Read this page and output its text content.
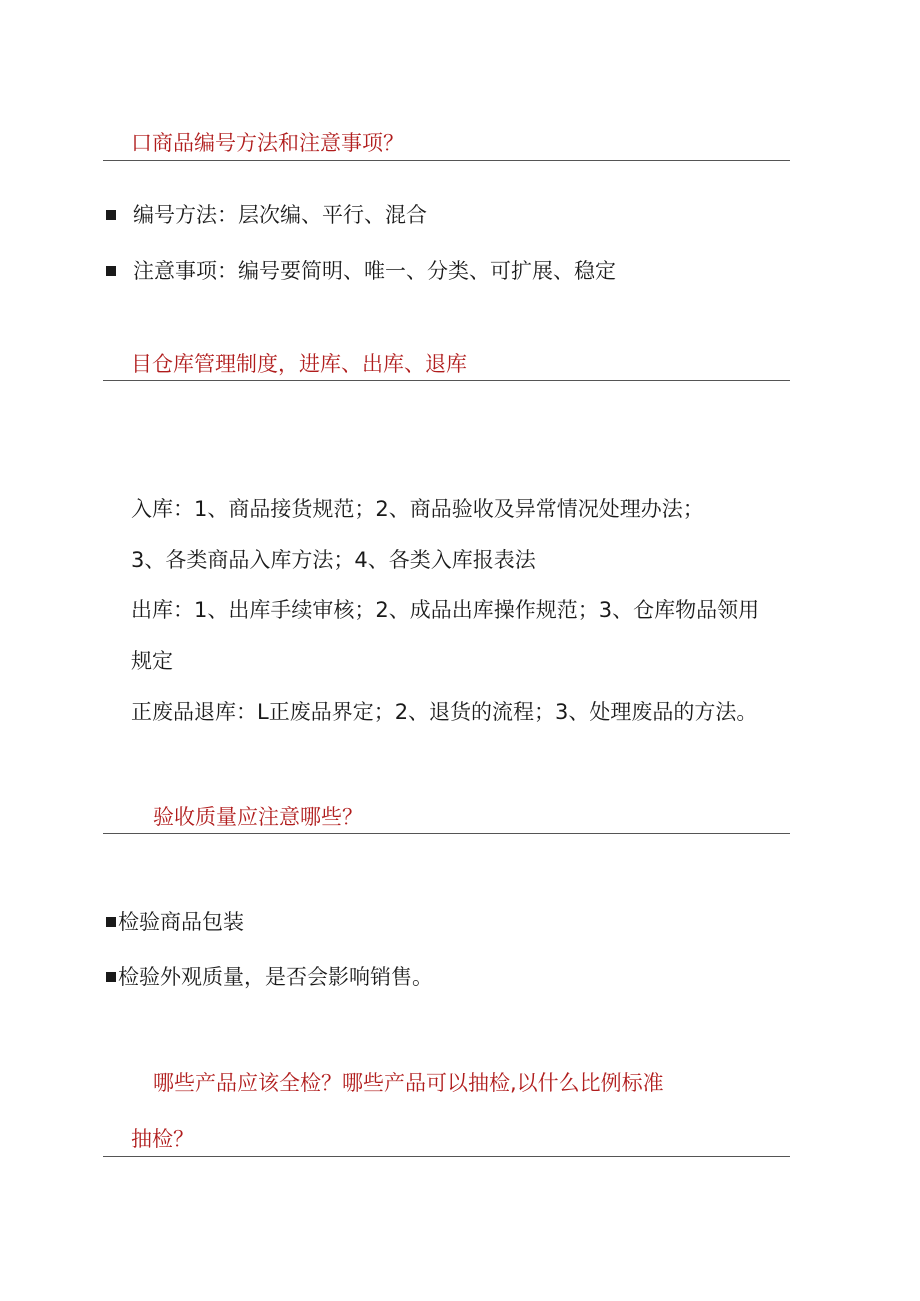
口商品编号方法和注意事项？
编号方法：层次编、平行、混合
注意事项：编号要简明、唯一、分类、可扩展、稳定
目仓库管理制度，进库、出库、退库
入库：1、商品接货规范；2、商品验收及异常情况处理办法；
3、各类商品入库方法；4、各类入库报表法
出库：1、出库手续审核；2、成品出库操作规范；3、仓库物品领用
规定
正废品退库：L正废品界定；2、退货的流程；3、处理废品的方法。
验收质量应注意哪些？
检验商品包装
检验外观质量，是否会影响销售。
哪些产品应该全检？哪些产品可以抽检,以什么比例标准
抽检？
